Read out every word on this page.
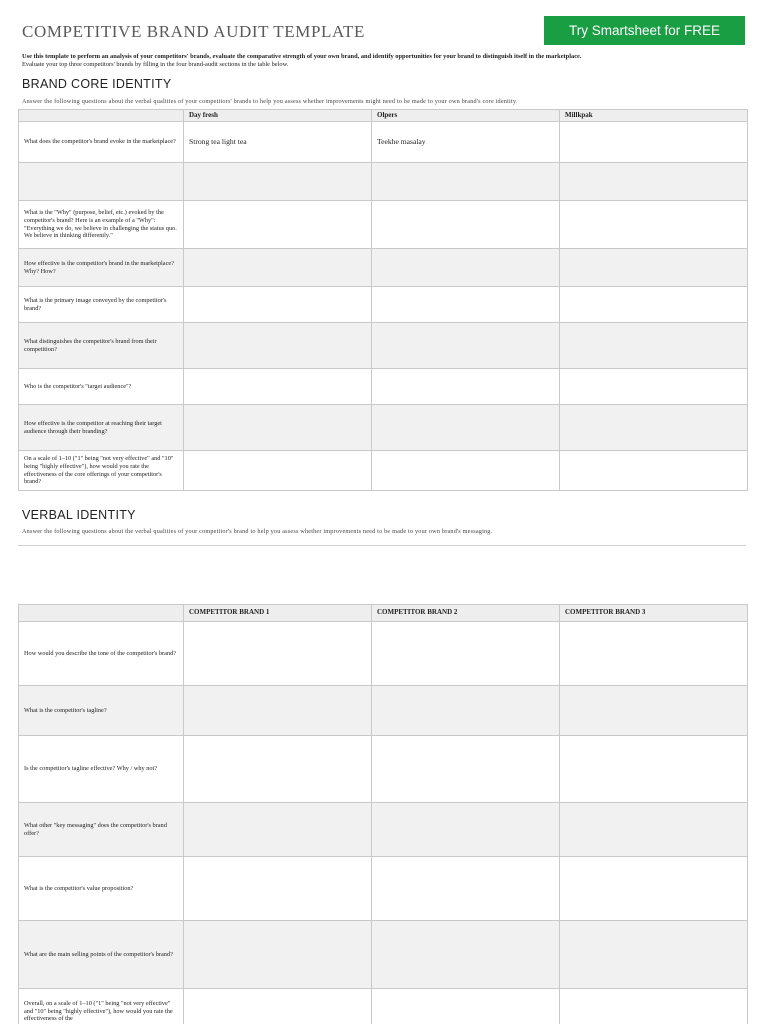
COMPETITIVE BRAND AUDIT TEMPLATE	Try Smartsheet for FREE
Use this template to perform an analysis of your competitors' brands, evaluate the comparative strength of your own brand, and identify opportunities for your brand to distinguish itself in the marketplace.
Evaluate your top three competitors' brands by filling in the four brand-audit sections in the table below.
BRAND CORE IDENTITY
Answer the following questions about the verbal qualities of your competitors' brands to help you assess whether improvements might need to be made to your own brand's core identity.
	Day fresh	Olpers	Millkpak
What does the competitor's brand evoke in the marketplace?	Strong tea light tea	Teekhe masalay	

What is the "Why" (purpose, belief, etc.) evoked by the competitor's brand? Here is an example of a "Why": "Everything we do, we believe in challenging the status quo. We believe in thinking differently."			
How effective is the competitor's brand in the marketplace? Why? How?			
What is the primary image conveyed by the competitor's brand?			
What distinguishes the competitor's brand from their competition?			
Who is the competitor's "target audience"?			
How effective is the competitor at reaching their target audience through their branding?			
On a scale of 1–10 ("1" being "not very effective" and "10" being "highly effective"), how would you rate the effectiveness of the core offerings of your competitor's brand?			
VERBAL IDENTITY
Answer the following questions about the verbal qualities of your competitor's brand to help you assess whether improvements need to be made to your own brand's messaging.
	COMPETITOR BRAND 1	COMPETITOR BRAND 2	COMPETITOR BRAND 3
How would you describe the tone of the competitor's brand?			
What is the competitor's tagline?			
Is the competitor's tagline effective? Why / why not?			
What other "key messaging" does the competitor's brand offer?			
What is the competitor's value proposition?			
What are the main selling points of the competitor's brand?			
Overall, on a scale of 1–10 ("1" being "not very effective" and "10" being "highly effective"), how would you rate the effectiveness of the			
